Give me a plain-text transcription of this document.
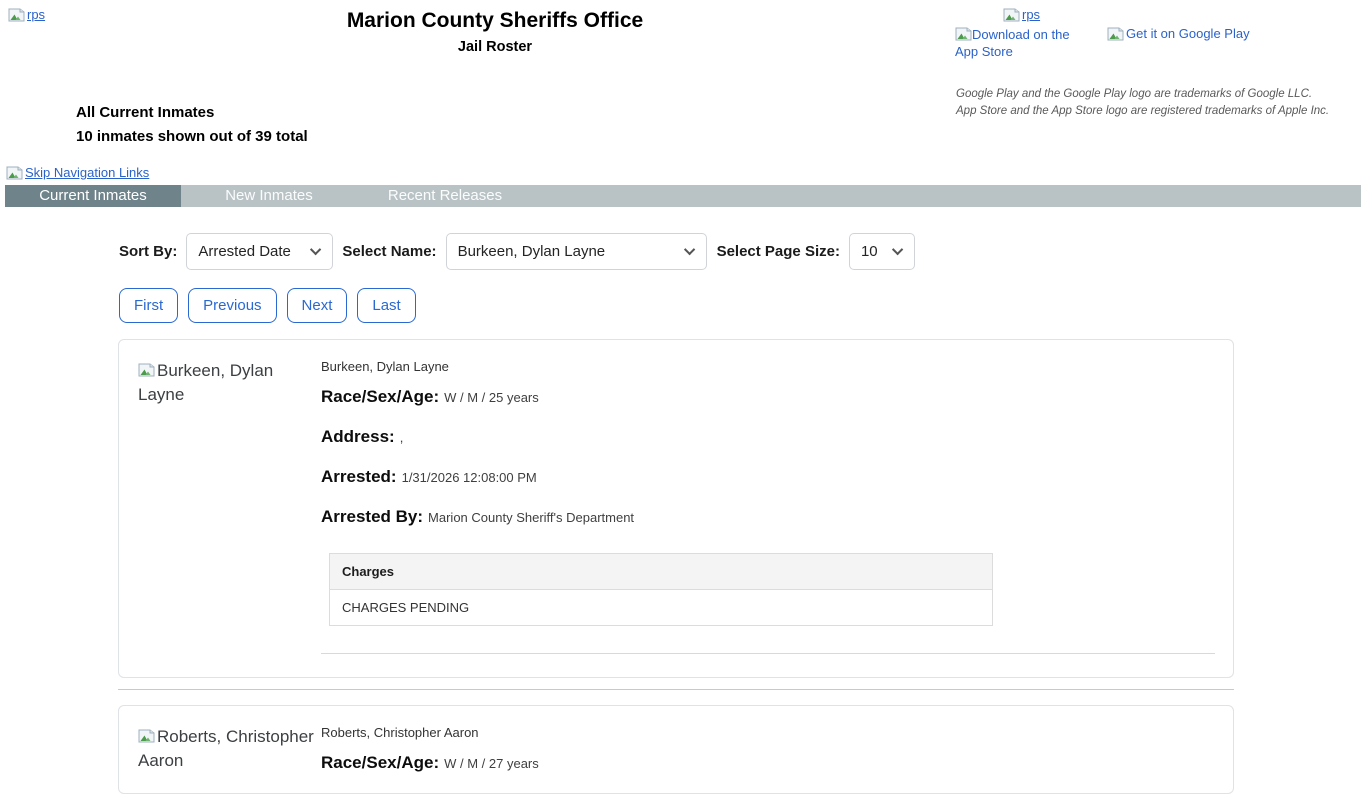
rps	Marion County Sheriffs Office
Jail Roster
rps
Download on the App Store
Get it on Google Play
Google Play and the Google Play logo are trademarks of Google LLC.
App Store and the App Store logo are registered trademarks of Apple Inc.
All Current Inmates
10 inmates shown out of 39 total
Skip Navigation Links
Current Inmates	New Inmates	Recent Releases
Sort By: Arrested Date	Select Name: Burkeen, Dylan Layne	Select Page Size: 10
First	Previous	Next	Last
Burkeen, Dylan Layne
Burkeen, Dylan Layne
Race/Sex/Age: W / M / 25 years
Address: ,
Arrested: 1/31/2026 12:08:00 PM
Arrested By: Marion County Sheriff's Department
Charges
CHARGES PENDING
Roberts, Christopher Aaron
Roberts, Christopher Aaron
Race/Sex/Age: W / M / 27 years
